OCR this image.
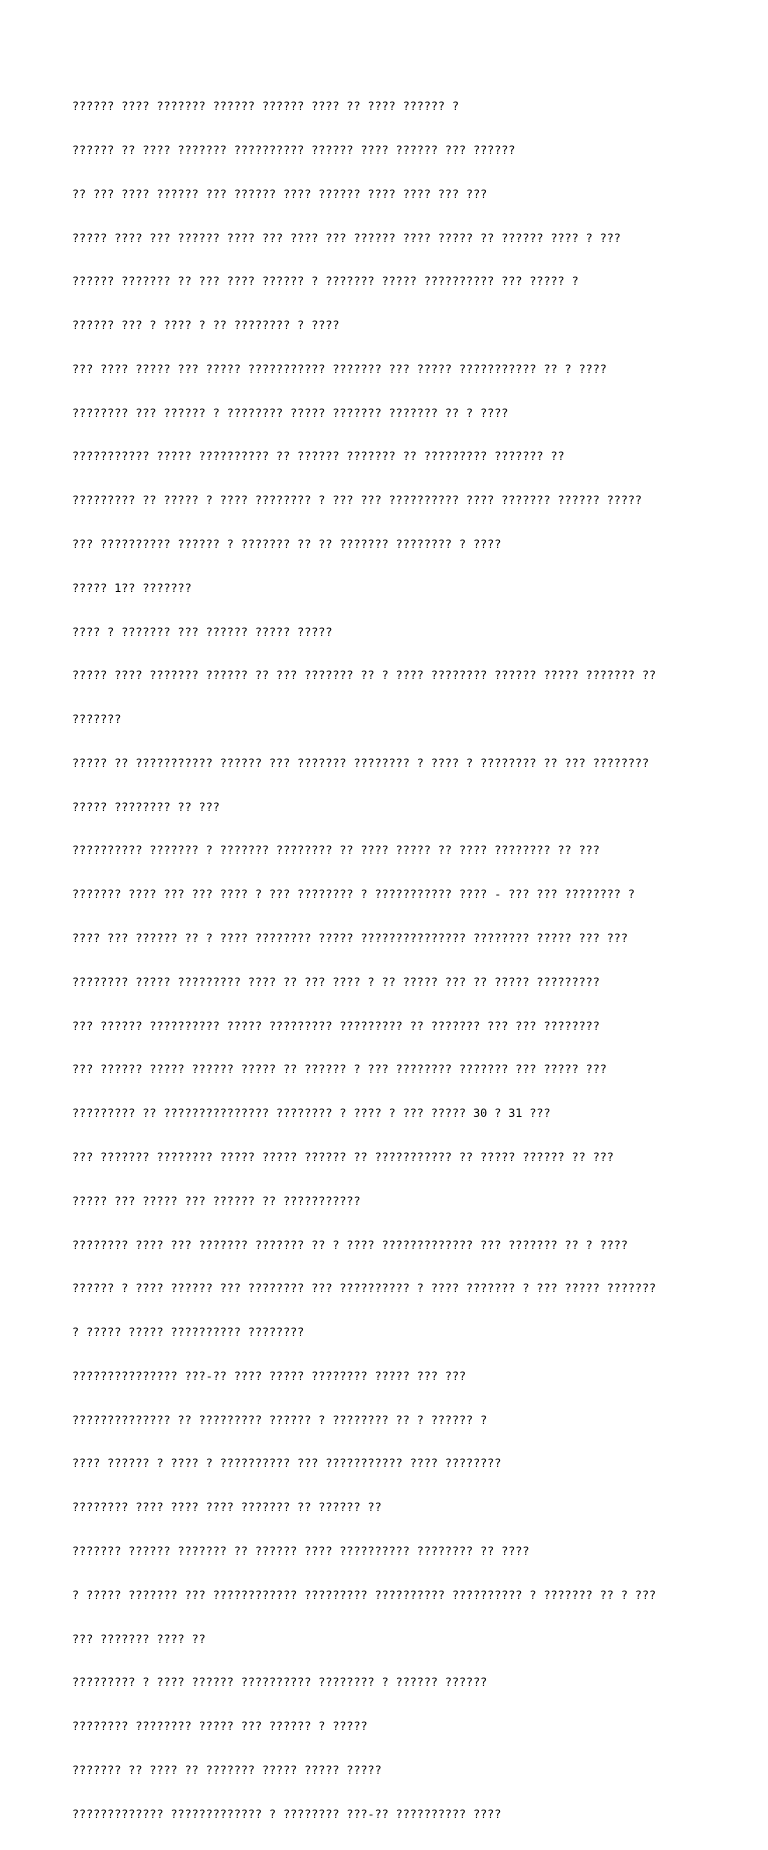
?????? ???? ??????? ?????? ?????? ???? ?? ???? ?????? ?

?????? ?? ???? ??????? ?????????? ?????? ???? ?????? ??? ??????

?? ??? ???? ?????? ??? ?????? ???? ?????? ???? ???? ??? ???

????? ???? ??? ?????? ???? ??? ???? ??? ?????? ???? ????? ?? ?????? ???? ? ???

?????? ??????? ?? ??? ???? ?????? ? ??????? ????? ?????????? ??? ????? ?

?????? ??? ? ???? ? ?? ???????? ? ????

??? ???? ????? ??? ????? ??????????? ??????? ??? ????? ??????????? ?? ? ????

???????? ??? ?????? ? ???????? ????? ??????? ??????? ?? ? ????

??????????? ????? ?????????? ?? ?????? ??????? ?? ????????? ??????? ??

????????? ?? ????? ? ???? ???????? ? ??? ??? ?????????? ???? ??????? ?????? ?????

??? ?????????? ?????? ? ??????? ?? ?? ??????? ???????? ? ????

????? 1?? ???????

???? ? ??????? ??? ?????? ????? ?????

????? ???? ??????? ?????? ?? ??? ??????? ?? ? ???? ???????? ?????? ????? ??????? ??

???????

????? ?? ??????????? ?????? ??? ??????? ???????? ? ???? ? ???????? ?? ??? ????????

????? ???????? ?? ???

?????????? ??????? ? ??????? ???????? ?? ???? ????? ?? ???? ???????? ?? ???

??????? ???? ??? ??? ???? ? ??? ???????? ? ??????????? ???? - ??? ??? ???????? ?

???? ??? ?????? ?? ? ???? ???????? ????? ??????????????? ???????? ????? ??? ???

???????? ????? ????????? ???? ?? ??? ???? ? ?? ????? ??? ?? ????? ?????????

??? ?????? ?????????? ????? ????????? ????????? ?? ??????? ??? ??? ????????

??? ?????? ????? ?????? ????? ?? ?????? ? ??? ???????? ??????? ??? ????? ???

????????? ?? ??????????????? ???????? ? ???? ? ??? ????? 30 ? 31 ???

??? ??????? ???????? ????? ????? ?????? ?? ??????????? ?? ????? ?????? ?? ???

????? ??? ????? ??? ?????? ?? ???????????

???????? ???? ??? ??????? ??????? ?? ? ???? ????????????? ??? ??????? ?? ? ????

?????? ? ???? ?????? ??? ???????? ??? ?????????? ? ???? ??????? ? ??? ????? ???????

? ????? ????? ?????????? ????????

??????????????? ???-?? ???? ????? ???????? ????? ??? ???

?????????????? ?? ????????? ?????? ? ???????? ?? ? ?????? ?

???? ?????? ? ???? ? ?????????? ??? ??????????? ???? ????????

???????? ???? ???? ???? ??????? ?? ?????? ??

??????? ?????? ??????? ?? ?????? ???? ?????????? ???????? ?? ????

? ????? ??????? ??? ???????????? ????????? ?????????? ?????????? ? ??????? ?? ? ???

??? ??????? ???? ??

????????? ? ???? ?????? ?????????? ???????? ? ?????? ??????

???????? ???????? ????? ??? ?????? ? ?????

??????? ?? ???? ?? ??????? ????? ????? ?????

????????????? ????????????? ? ???????? ???-?? ?????????? ????
